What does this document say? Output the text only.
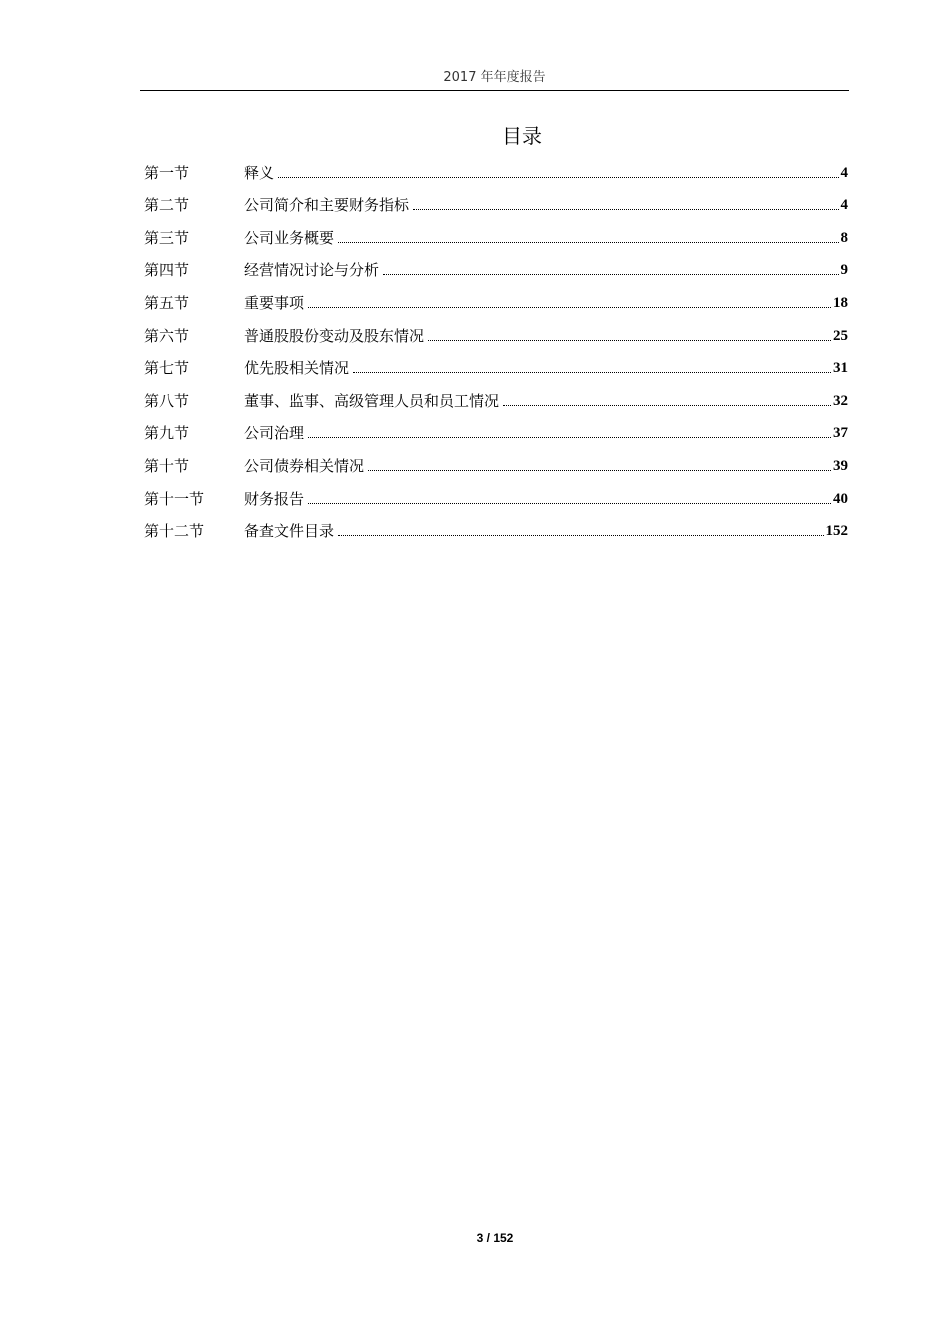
2017 年年度报告
目录
第一节	释义	4
第二节	公司简介和主要财务指标	4
第三节	公司业务概要	8
第四节	经营情况讨论与分析	9
第五节	重要事项	18
第六节	普通股股份变动及股东情况	25
第七节	优先股相关情况	31
第八节	董事、监事、高级管理人员和员工情况	32
第九节	公司治理	37
第十节	公司债券相关情况	39
第十一节	财务报告	40
第十二节	备查文件目录	152
3 / 152
